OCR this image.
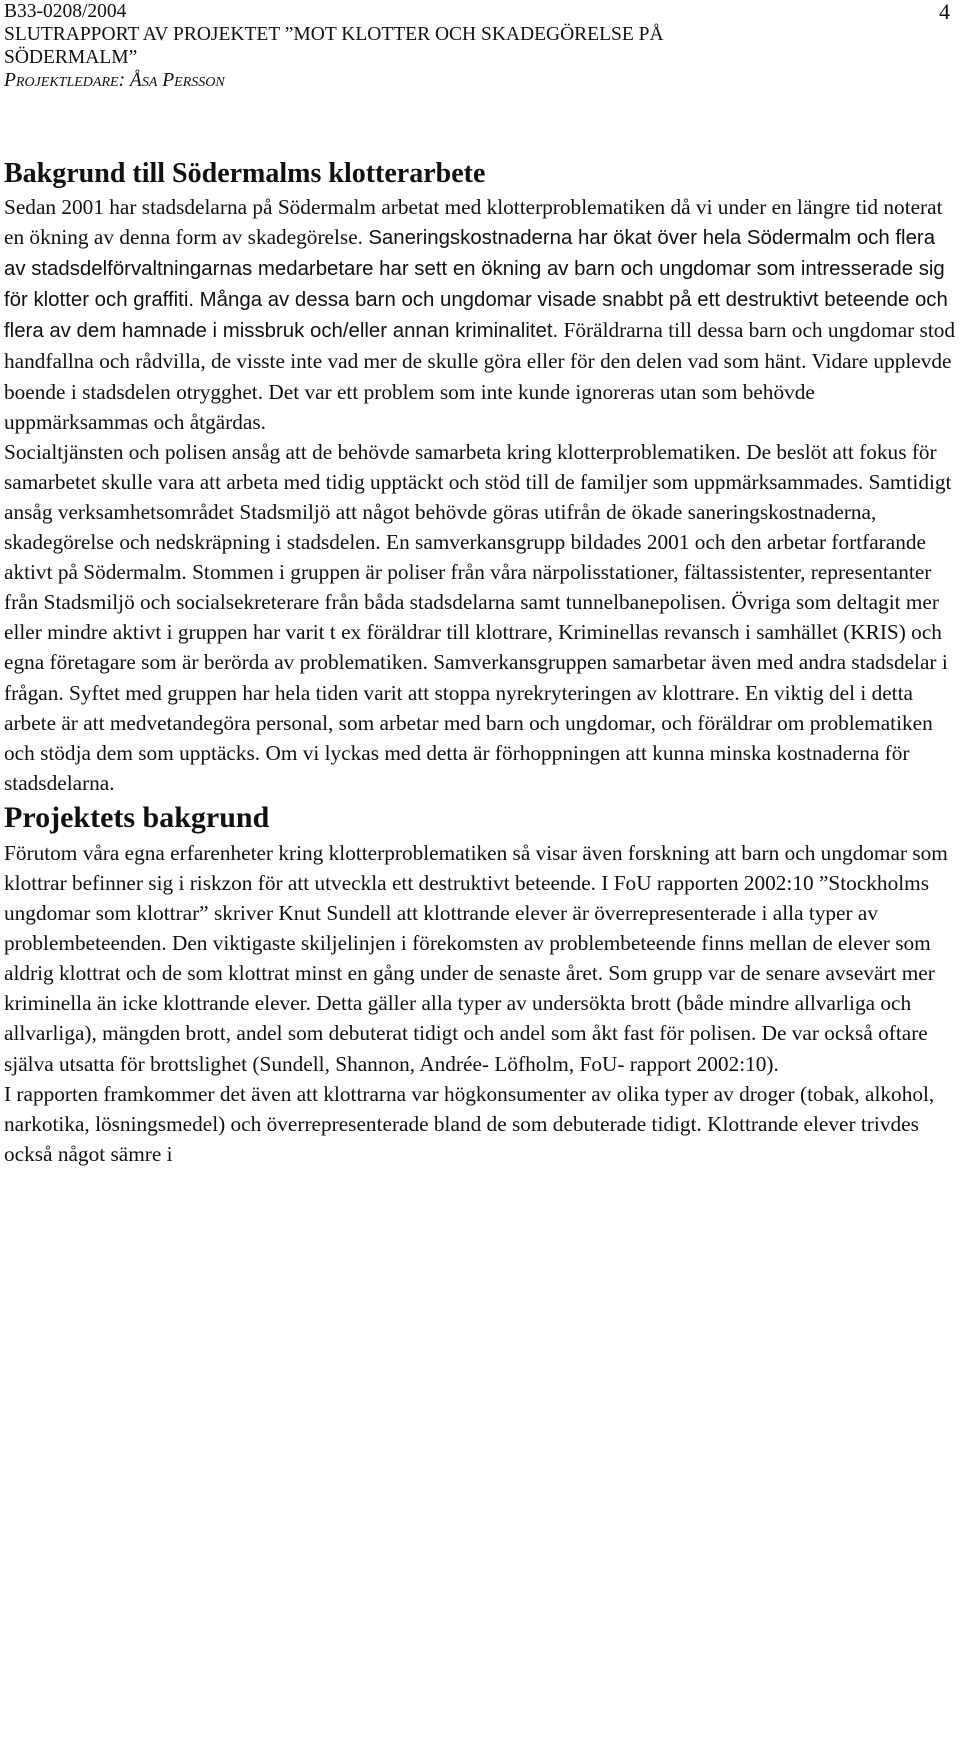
B33-0208/2004
SLUTRAPPORT AV PROJEKTET ”MOT KLOTTER OCH SKADEGÖRELSE PÅ
SÖDERMALM”
Projektledare: Åsa Persson
4
Bakgrund till Södermalms klotterarbete

Sedan 2001 har stadsdelarna på Södermalm arbetat med klotterproblematiken då vi under en längre tid noterat en ökning av denna form av skadegörelse. Saneringskostnaderna har ökat över hela Södermalm och flera av stadsdelförvaltningarnas medarbetare har sett en ökning av barn och ungdomar som intresserade sig för klotter och graffiti. Många av dessa barn och ungdomar visade snabbt på ett destruktivt beteende och flera av dem hamnade i missbruk och/eller annan kriminalitet. Föräldrarna till dessa barn och ungdomar stod handfallna och rådvilla, de visste inte vad mer de skulle göra eller för den delen vad som hänt. Vidare upplevde boende i stadsdelen otrygghet. Det var ett problem som inte kunde ignoreras utan som behövde uppmärksammas och åtgärdas.

Socialtjänsten och polisen ansåg att de behövde samarbeta kring klotterproblematiken. De beslöt att fokus för samarbetet skulle vara att arbeta med tidig upptäckt och stöd till de familjer som uppmärksammades. Samtidigt ansåg verksamhetsområdet Stadsmiljö att något behövde göras utifrån de ökade saneringskostnaderna, skadegörelse och nedskräpning i stadsdelen. En samverkansgrupp bildades 2001 och den arbetar fortfarande aktivt på Södermalm. Stommen i gruppen är poliser från våra närpolisstationer, fältassistenter, representanter från Stadsmiljö och socialsekreterare från båda stadsdelarna samt tunnelbanepolisen. Övriga som deltagit mer eller mindre aktivt i gruppen har varit t ex föräldrar till klottrare, Kriminellas revansch i samhället (KRIS) och egna företagare som är berörda av problematiken. Samverkansgruppen samarbetar även med andra stadsdelar i frågan. Syftet med gruppen har hela tiden varit att stoppa nyrekryteringen av klottrare. En viktig del i detta arbete är att medvetandegöra personal, som arbetar med barn och ungdomar, och föräldrar om problematiken och stödja dem som upptäcks. Om vi lyckas med detta är förhoppningen att kunna minska kostnaderna för stadsdelarna.

Projektets bakgrund

Förutom våra egna erfarenheter kring klotterproblematiken så visar även forskning att barn och ungdomar som klottrar befinner sig i riskzon för att utveckla ett destruktivt beteende. I FoU rapporten 2002:10 ”Stockholms ungdomar som klottrar” skriver Knut Sundell att klottrande elever är överrepresenterade i alla typer av problembeteenden. Den viktigaste skiljelinjen i förekomsten av problembeteende finns mellan de elever som aldrig klottrat och de som klottrat minst en gång under de senaste året. Som grupp var de senare avsevärt mer kriminella än icke klottrande elever. Detta gäller alla typer av undersökta brott (både mindre allvarliga och allvarliga), mängden brott, andel som debuterat tidigt och andel som åkt fast för polisen. De var också oftare själva utsatta för brottslighet (Sundell, Shannon, Andrée- Löfholm, FoU- rapport 2002:10).

I rapporten framkommer det även att klottrarna var högkonsumenter av olika typer av droger (tobak, alkohol, narkotika, lösningsmedel) och överrepresenterade bland de som debuterade tidigt. Klottrande elever trivdes också något sämre i
